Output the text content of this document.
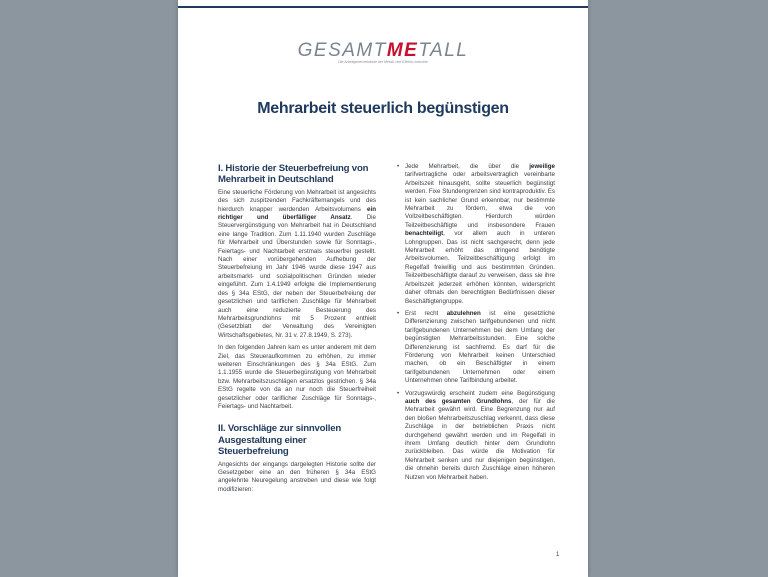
GESAMTMETALL
Die Arbeitgeberverbände der Metall- und Elektro-Industrie
Mehrarbeit steuerlich begünstigen
I. Historie der Steuerbefreiung von Mehrarbeit in Deutschland

Eine steuerliche Förderung von Mehrarbeit ist angesichts des sich zuspitzenden Fachkräftemangels und des hierdurch knapper werdenden Arbeitsvolumens ein richtiger und überfälliger Ansatz. Die Steuervergünstigung von Mehrarbeit hat in Deutschland eine lange Tradition. Zum 1.11.1940 wurden Zuschläge für Mehrarbeit und Überstunden sowie für Sonntags-, Feiertags- und Nachtarbeit erstmals steuerfrei gestellt. Nach einer vorübergehenden Aufhebung der Steuerbefreiung im Jahr 1946 wurde diese 1947 aus arbeitsmarkt- und sozialpolitischen Gründen wieder eingeführt. Zum 1.4.1949 erfolgte die Implementierung des § 34a EStG, der neben der Steuerbefreiung der gesetzlichen und tariflichen Zuschläge für Mehrarbeit auch eine reduzierte Besteuerung des Mehrarbeitsgrundlohns mit 5 Prozent enthielt (Gesetzblatt der Verwaltung des Vereinigten Wirtschaftsgebietes, Nr. 31 v. 27.8.1949, S. 273).

In den folgenden Jahren kam es unter anderem mit dem Ziel, das Steueraufkommen zu erhöhen, zu immer weiteren Einschränkungen des § 34a EStG. Zum 1.1.1955 wurde die Steuerbegünstigung von Mehrarbeit bzw. Mehrarbeitszuschlägen ersatzlos gestrichen. § 34a EStG regelte von da an nur noch die Steuerfreiheit gesetzlicher oder tariflicher Zuschläge für Sonntags-, Feiertags- und Nachtarbeit.

II. Vorschläge zur sinnvollen Ausgestaltung einer Steuerbefreiung

Angesichts der eingangs dargelegten Historie sollte der Gesetzgeber eine an den früheren § 34a EStG angelehnte Neuregelung anstreben und diese wie folgt modifizieren:

• Jede Mehrarbeit, die über die jeweilige tarifvertragliche oder arbeitsvertraglich vereinbarte Arbeitszeit hinausgeht, sollte steuerlich begünstigt werden. Fixe Stundengrenzen sind kontraproduktiv. Es ist kein sachlicher Grund erkennbar, nur bestimmte Mehrarbeit zu fördern, etwa die von Vollzeitbeschäftigten. Hierdurch würden Teilzeitbeschäftigte und insbesondere Frauen benachteiligt, vor allem auch in unteren Lohngruppen. Das ist nicht sachgerecht, denn jede Mehrarbeit erhöht das dringend benötigte Arbeitsvolumen. Teilzeitbeschäftigung erfolgt im Regelfall freiwillig und aus bestimmten Gründen. Teilzeitbeschäftigte darauf zu verweisen, dass sie ihre Arbeitszeit jederzeit erhöhen könnten, widerspricht daher oftmals den berechtigten Bedürfnissen dieser Beschäftigtengruppe.
• Erst recht abzulehnen ist eine gesetzliche Differenzierung zwischen tarifgebundenen und nicht tarifgebundenen Unternehmen bei dem Umfang der begünstigten Mehrarbeitsstunden. Eine solche Differenzierung ist sachfremd. Es darf für die Förderung von Mehrarbeit keinen Unterschied machen, ob ein Beschäftigter in einem tarifgebundenen Unternehmen oder einem Unternehmen ohne Tarifbindung arbeitet.
• Vorzugswürdig erscheint zudem eine Begünstigung auch des gesamten Grundlohns, der für die Mehrarbeit gewährt wird. Eine Begrenzung nur auf den bloßen Mehrarbeitszuschlag verkennt, dass diese Zuschläge in der betrieblichen Praxis nicht durchgehend gewährt werden und im Regelfall in ihrem Umfang deutlich hinter dem Grundlohn zurückbleiben. Das würde die Motivation für Mehrarbeit senken und nur diejenigen begünstigen, die ohnehin bereits durch Zuschläge einen höheren Nutzen von Mehrarbeit haben.
1
